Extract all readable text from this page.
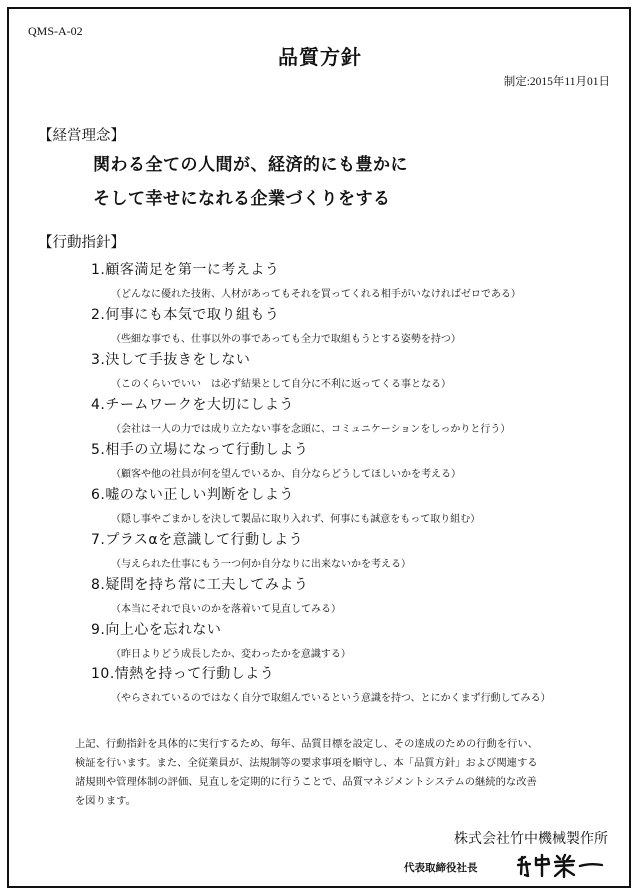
QMS-A-02
品質方針
制定:2015年11月01日
【経営理念】
関わる全ての人間が、経済的にも豊かに
そして幸せになれる企業づくりをする
【行動指針】
1.顧客満足を第一に考えよう
（どんなに優れた技術、人材があってもそれを買ってくれる相手がいなければゼロである）
2.何事にも本気で取り組もう
（些細な事でも、仕事以外の事であっても全力で取組もうとする姿勢を持つ）
3.決して手抜きをしない
（このくらいでいい　は必ず結果として自分に不利に返ってくる事となる）
4.チームワークを大切にしよう
（会社は一人の力では成り立たない事を念頭に、コミュニケーションをしっかりと行う）
5.相手の立場になって行動しよう
（顧客や他の社員が何を望んでいるか、自分ならどうしてほしいかを考える）
6.嘘のない正しい判断をしよう
（隠し事やごまかしを決して製品に取り入れず、何事にも誠意をもって取り組む）
7.プラスαを意識して行動しよう
（与えられた仕事にもう一つ何か自分なりに出来ないかを考える）
8.疑問を持ち常に工夫してみよう
（本当にそれで良いのかを落着いて見直してみる）
9.向上心を忘れない
（昨日よりどう成長したか、変わったかを意識する）
10.情熱を持って行動しよう
（やらされているのではなく自分で取組んでいるという意識を持つ、とにかくまず行動してみる）
上記、行動指針を具体的に実行するため、毎年、品質目標を設定し、その達成のための行動を行い、
検証を行います。また、全従業員が、法規制等の要求事項を順守し、本「品質方針」および関連する
諸規則や管理体制の評価、見直しを定期的に行うことで、品質マネジメントシステムの継続的な改善
を図ります。
株式会社竹中機械製作所
代表取締役社長
